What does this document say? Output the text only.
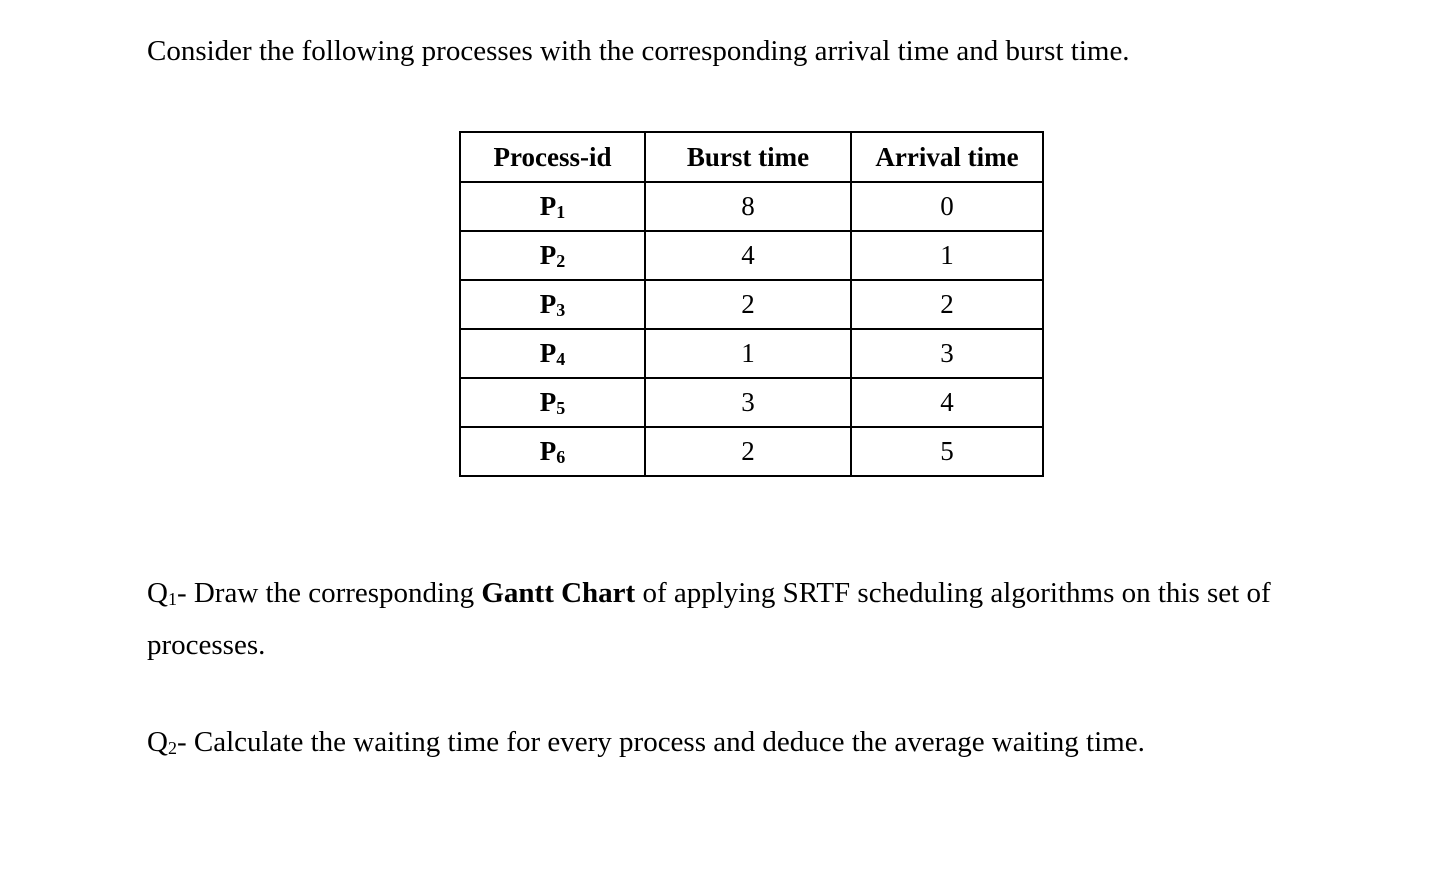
Consider the following processes with the corresponding arrival time and burst time.
Process-id	Burst time	Arrival time
$P_1$	8	0
$P_2$	4	1
$P_3$	2	2
$P_4$	1	3
$P_5$	3	4
$P_6$	2	5
Q1- Draw the corresponding Gantt Chart of applying SRTF scheduling algorithms on this set of processes.
Q2- Calculate the waiting time for every process and deduce the average waiting time.
